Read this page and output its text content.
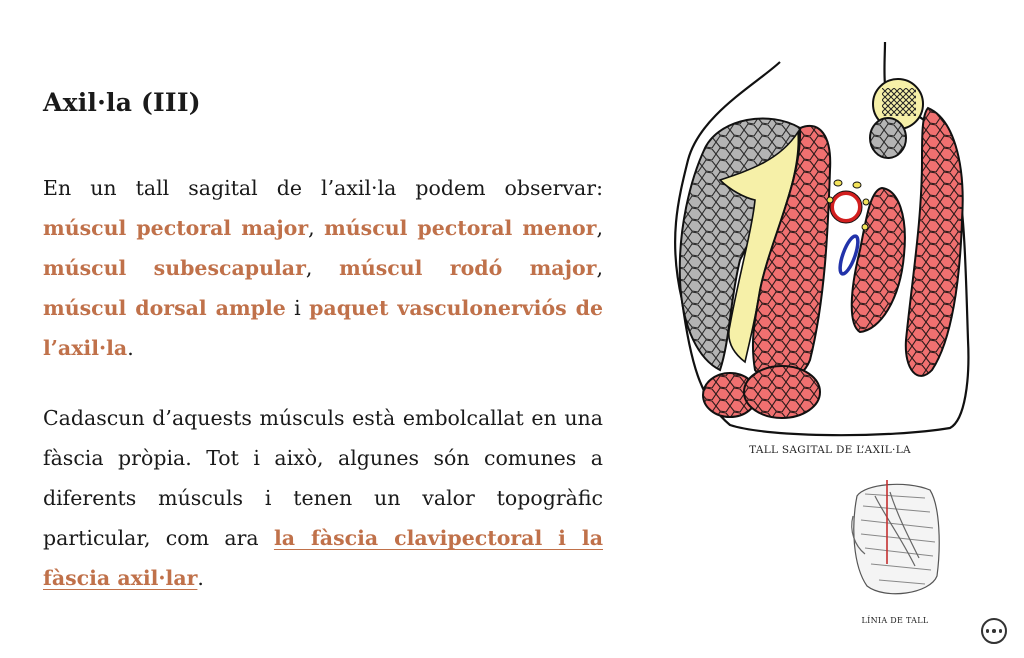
Axil·la (III)

En un tall sagital de l’axil·la podem observar: múscul pectoral major, múscul pectoral menor, múscul subescapular, múscul rodó major, múscul dorsal ample i paquet vasculonerviós de l’axil·la.

Cadascun d’aquests músculs està embolcallat en una fàscia pròpia. Tot i això, algunes són comunes a diferents músculs i tenen un valor topogràfic particular, com ara la fàscia clavipectoral i la fàscia axil·lar.

TALL SAGITAL DE L’AXIL·LA
LÍNIA DE TALL
